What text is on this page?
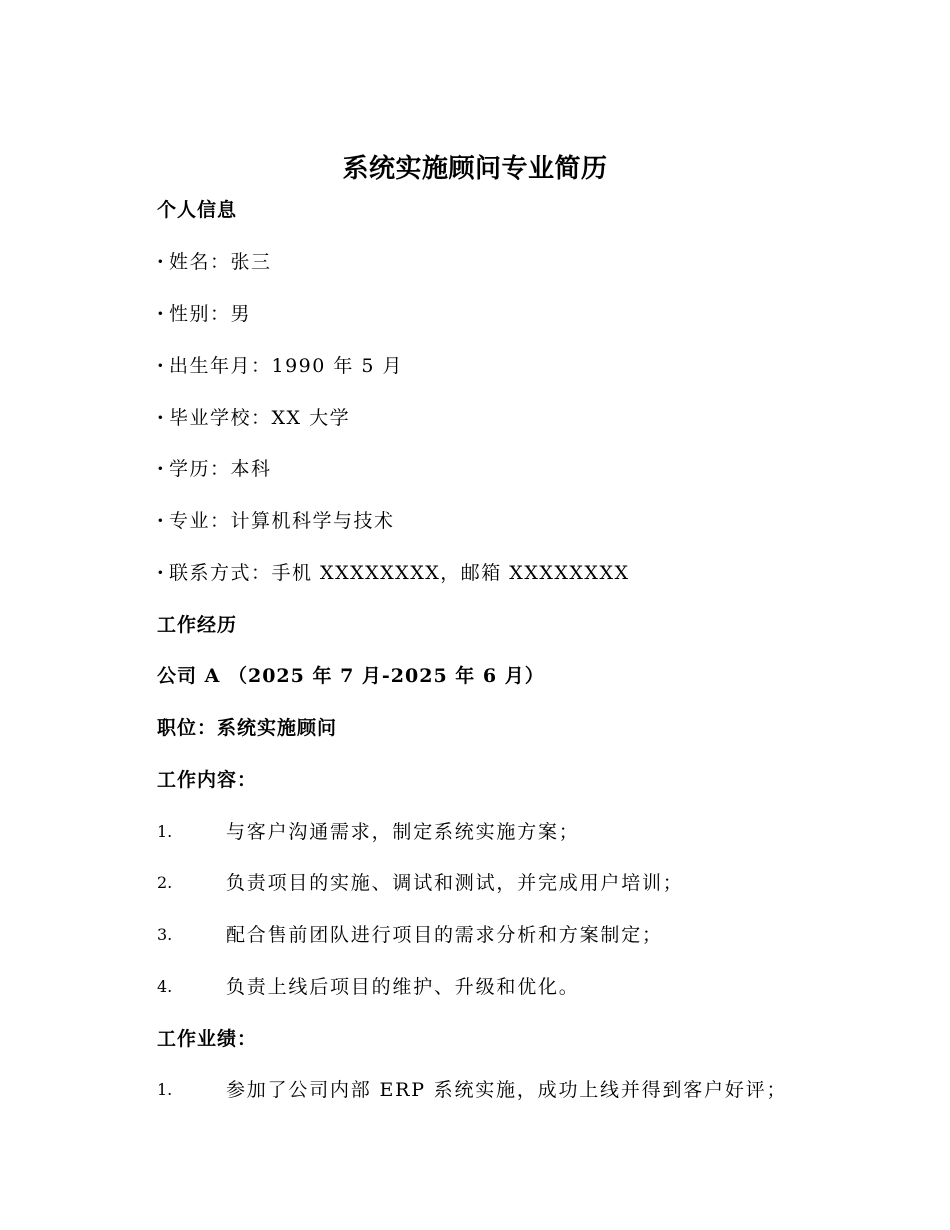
系统实施顾问专业简历
个人信息
· 姓名：张三
· 性别：男
· 出生年月：1990 年 5 月
· 毕业学校：XX 大学
· 学历：本科
· 专业：计算机科学与技术
· 联系方式：手机 XXXXXXXX，邮箱 XXXXXXXX
工作经历
公司 A （2025 年 7 月-2025 年 6 月）
职位：系统实施顾问
工作内容：
1.	与客户沟通需求，制定系统实施方案；
2.	负责项目的实施、调试和测试，并完成用户培训；
3.	配合售前团队进行项目的需求分析和方案制定；
4.	负责上线后项目的维护、升级和优化。
工作业绩：
1.	参加了公司内部 ERP 系统实施，成功上线并得到客户好评；
